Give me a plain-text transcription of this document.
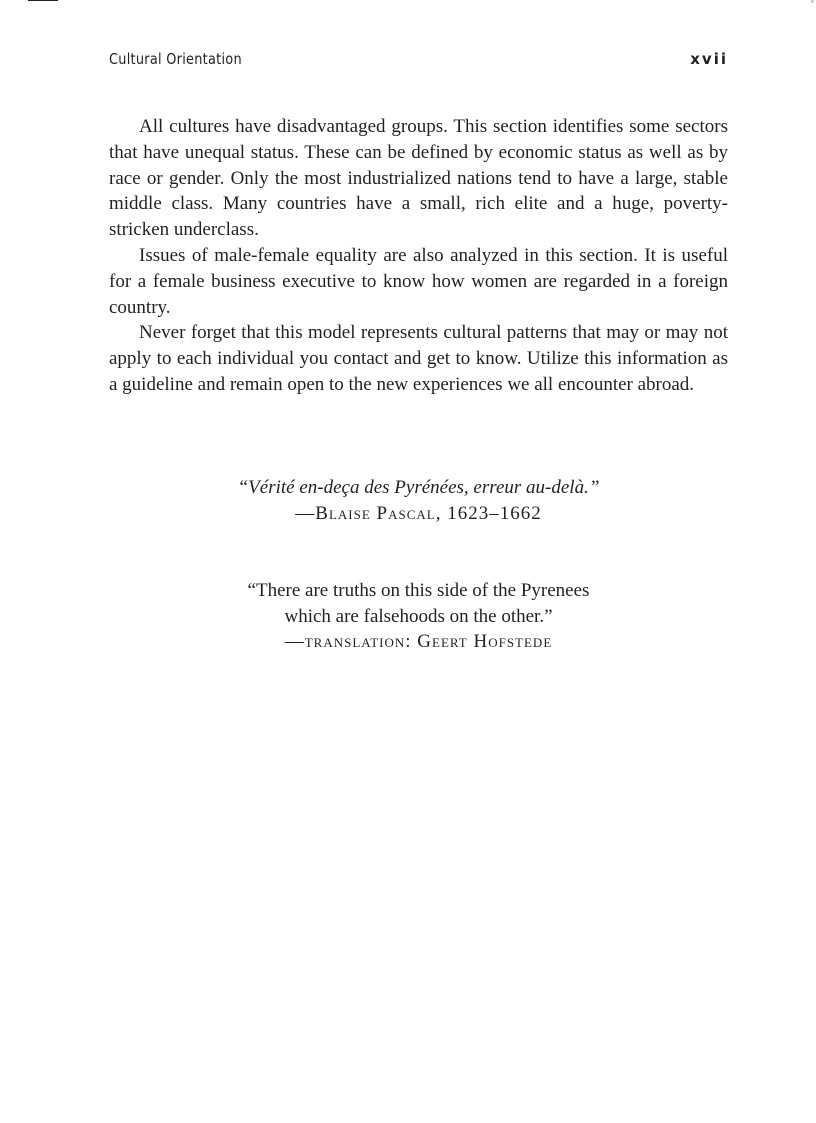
Cultural Orientation	xvii

All cultures have disadvantaged groups. This section identifies some sectors that have unequal status. These can be defined by economic status as well as by race or gender. Only the most industrialized nations tend to have a large, stable middle class. Many countries have a small, rich elite and a huge, poverty-stricken underclass.

Issues of male-female equality are also analyzed in this section. It is useful for a female business executive to know how women are regarded in a foreign country.

Never forget that this model represents cultural patterns that may or may not apply to each individual you contact and get to know. Utilize this information as a guideline and remain open to the new experiences we all encounter abroad.

“Vérité en-deça des Pyrénées, erreur au-delà.”
—Blaise Pascal, 1623–1662
“There are truths on this side of the Pyrenees
which are falsehoods on the other.”
—translation: Geert Hofstede
